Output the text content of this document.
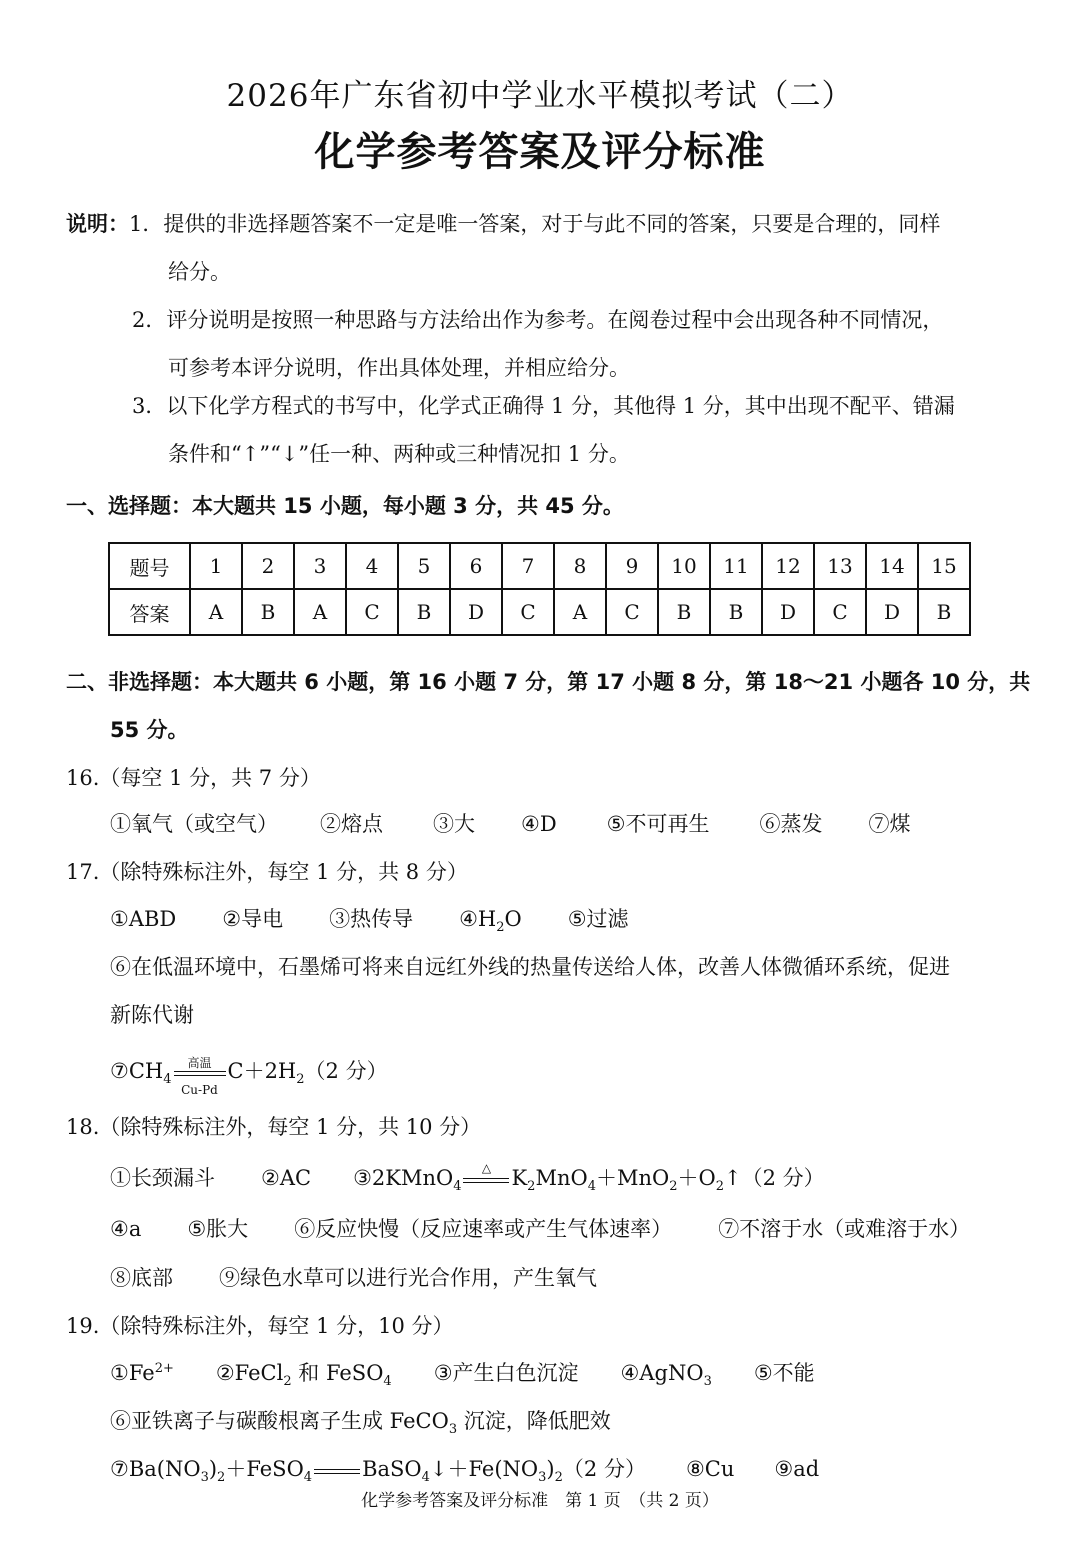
2026年广东省初中学业水平模拟考试（二）
化学参考答案及评分标准
说明：1．提供的非选择题答案不一定是唯一答案，对于与此不同的答案，只要是合理的，同样
给分。
2．评分说明是按照一种思路与方法给出作为参考。在阅卷过程中会出现各种不同情况，
可参考本评分说明，作出具体处理，并相应给分。
3．以下化学方程式的书写中，化学式正确得 1 分，其他得 1 分，其中出现不配平、错漏
条件和“↑”“↓”任一种、两种或三种情况扣 1 分。
一、选择题：本大题共 15 小题，每小题 3 分，共 45 分。
题号	1	2	3	4	5	6	7	8	9	10	11	12	13	14	15
答案	A	B	A	C	B	D	C	A	C	B	B	D	C	D	B
二、非选择题：本大题共 6 小题，第 16 小题 7 分，第 17 小题 8 分，第 18～21 小题各 10 分，共
55 分。
16.（每空 1 分，共 7 分）
①氧气（或空气） ②熔点 ③大 ④D ⑤不可再生 ⑥蒸发 ⑦煤
17.（除特殊标注外，每空 1 分，共 8 分）
①ABD ②导电 ③热传导 $④H_2O$ ⑤过滤
⑥在低温环境中，石墨烯可将来自远红外线的热量传送给人体，改善人体微循环系统，促进
新陈代谢
$⑦CH_4$
高温
Cu-Pd
$C+2H_2(2$ 分）
18.（除特殊标注外，每空 1 分，共 10 分）
①长颈漏斗 ②AC ③2KMnO$_4$
△ $K_2MnO_4+MnO_2+O_2↑(2$ 分）
④a ⑤胀大 ⑥反应快慢（反应速率或产生气体速率） ⑦不溶于水（或难溶于水）
⑧底部 ⑨绿色水草可以进行光合作用，产生氧气
19.（除特殊标注外，每空 1 分，10 分）
$①Fe^{2+}$ ②FeCl$_2$ 和 FeSO$_4$ ③产生白色沉淀 ④AgNO$_3$ ⑤不能
⑥亚铁离子与碳酸根离子生成 FeCO$_3$ 沉淀，降低肥效
$⑦Ba(NO_3)_2+FeSO_4$ $BaSO_4↓+Fe(NO_3)_2(2$ 分） ⑧Cu ⑨ad
化学参考答案及评分标准　第 1 页　（共 2 页）
